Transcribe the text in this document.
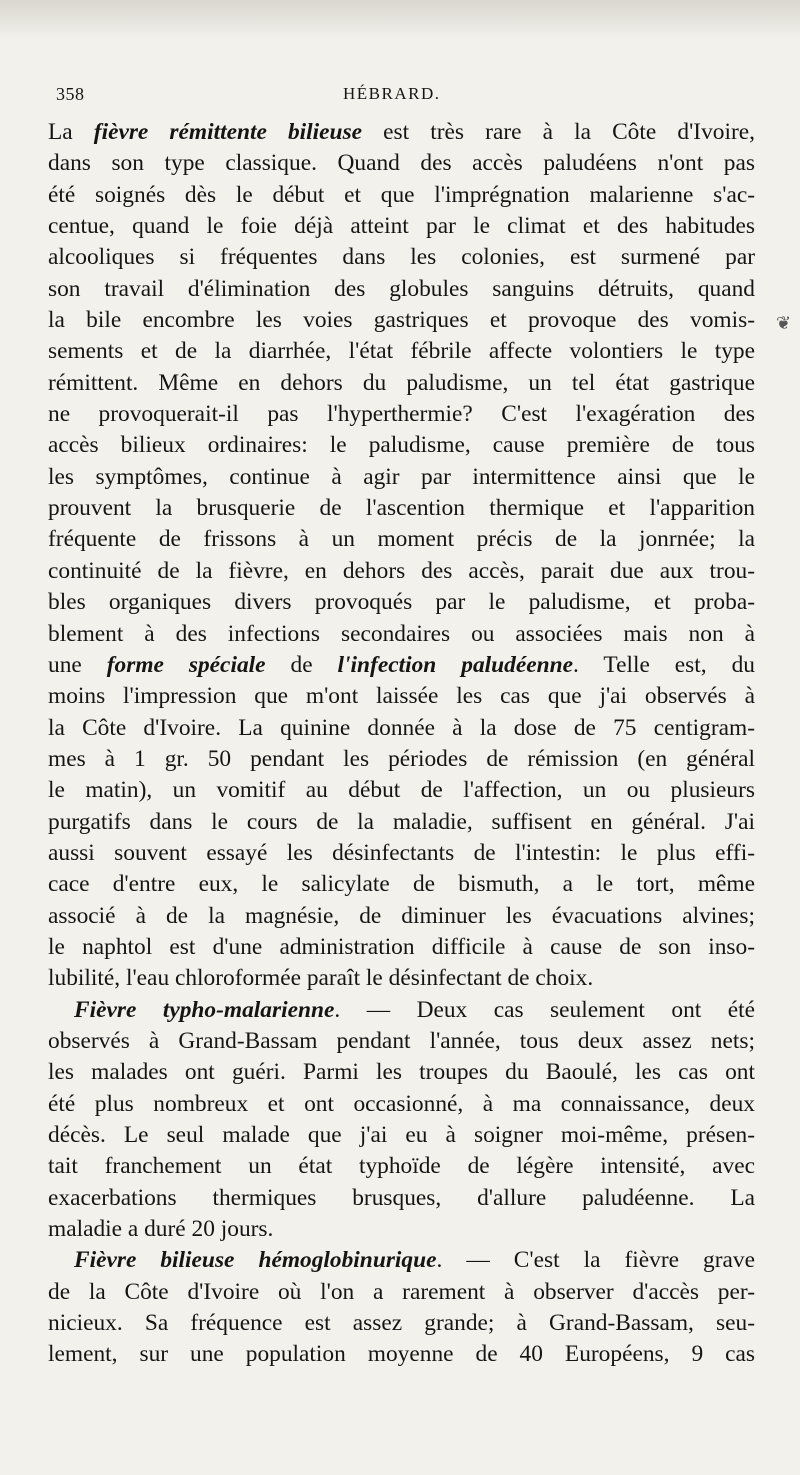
358	HÉBRARD.
❦
La fièvre rémittente bilieuse est très rare à la Côte d'Ivoire,
dans son type classique. Quand des accès paludéens n'ont pas
été soignés dès le début et que l'imprégnation malarienne s'ac-
centue, quand le foie déjà atteint par le climat et des habitudes
alcooliques si fréquentes dans les colonies, est surmené par
son travail d'élimination des globules sanguins détruits, quand
la bile encombre les voies gastriques et provoque des vomis-
sements et de la diarrhée, l'état fébrile affecte volontiers le type
rémittent. Même en dehors du paludisme, un tel état gastrique
ne provoquerait-il pas l'hyperthermie? C'est l'exagération des
accès bilieux ordinaires: le paludisme, cause première de tous
les symptômes, continue à agir par intermittence ainsi que le
prouvent la brusquerie de l'ascention thermique et l'apparition
fréquente de frissons à un moment précis de la jonrnée; la
continuité de la fièvre, en dehors des accès, parait due aux trou-
bles organiques divers provoqués par le paludisme, et proba-
blement à des infections secondaires ou associées mais non à
une forme spéciale de l'infection paludéenne. Telle est, du
moins l'impression que m'ont laissée les cas que j'ai observés à
la Côte d'Ivoire. La quinine donnée à la dose de 75 centigram-
mes à 1 gr. 50 pendant les périodes de rémission (en général
le matin), un vomitif au début de l'affection, un ou plusieurs
purgatifs dans le cours de la maladie, suffisent en général. J'ai
aussi souvent essayé les désinfectants de l'intestin: le plus effi-
cace d'entre eux, le salicylate de bismuth, a le tort, même
associé à de la magnésie, de diminuer les évacuations alvines;
le naphtol est d'une administration difficile à cause de son inso-
lubilité, l'eau chloroformée paraît le désinfectant de choix.
Fièvre typho-malarienne. — Deux cas seulement ont été
observés à Grand-Bassam pendant l'année, tous deux assez nets;
les malades ont guéri. Parmi les troupes du Baoulé, les cas ont
été plus nombreux et ont occasionné, à ma connaissance, deux
décès. Le seul malade que j'ai eu à soigner moi-même, présen-
tait franchement un état typhoïde de légère intensité, avec
exacerbations thermiques brusques, d'allure paludéenne. La
maladie a duré 20 jours.
Fièvre bilieuse hémoglobinurique. — C'est la fièvre grave
de la Côte d'Ivoire où l'on a rarement à observer d'accès per-
nicieux. Sa fréquence est assez grande; à Grand-Bassam, seu-
lement, sur une population moyenne de 40 Européens, 9 cas
